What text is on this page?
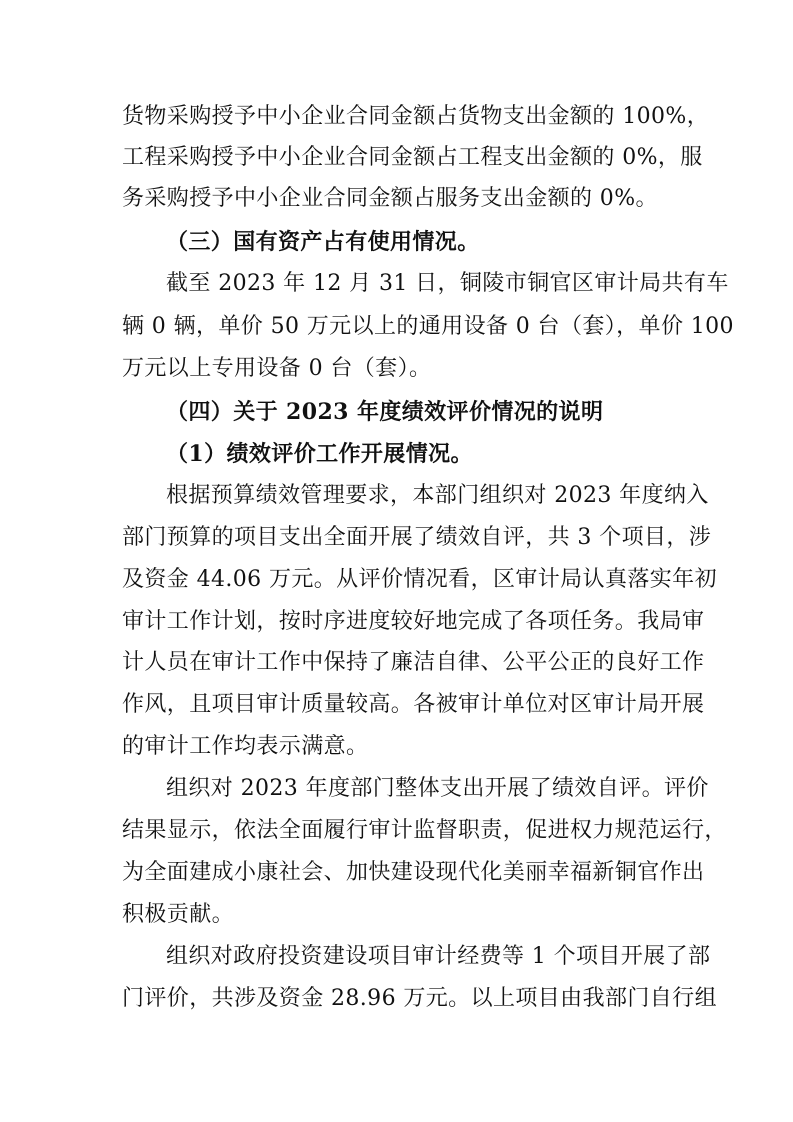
货物采购授予中小企业合同金额占货物支出金额的 100%，
工程采购授予中小企业合同金额占工程支出金额的 0%，服
务采购授予中小企业合同金额占服务支出金额的 0%。
（三）国有资产占有使用情况。
截至 2023 年 12 月 31 日，铜陵市铜官区审计局共有车
辆 0 辆，单价 50 万元以上的通用设备 0 台（套），单价 100
万元以上专用设备 0 台（套）。
（四）关于 2023 年度绩效评价情况的说明
（1）绩效评价工作开展情况。
根据预算绩效管理要求，本部门组织对 2023 年度纳入
部门预算的项目支出全面开展了绩效自评，共 3 个项目，涉
及资金 44.06 万元。从评价情况看，区审计局认真落实年初
审计工作计划，按时序进度较好地完成了各项任务。我局审
计人员在审计工作中保持了廉洁自律、公平公正的良好工作
作风，且项目审计质量较高。各被审计单位对区审计局开展
的审计工作均表示满意。
组织对 2023 年度部门整体支出开展了绩效自评。评价
结果显示，依法全面履行审计监督职责，促进权力规范运行，
为全面建成小康社会、加快建设现代化美丽幸福新铜官作出
积极贡献。
组织对政府投资建设项目审计经费等 1 个项目开展了部
门评价，共涉及资金 28.96 万元。以上项目由我部门自行组
